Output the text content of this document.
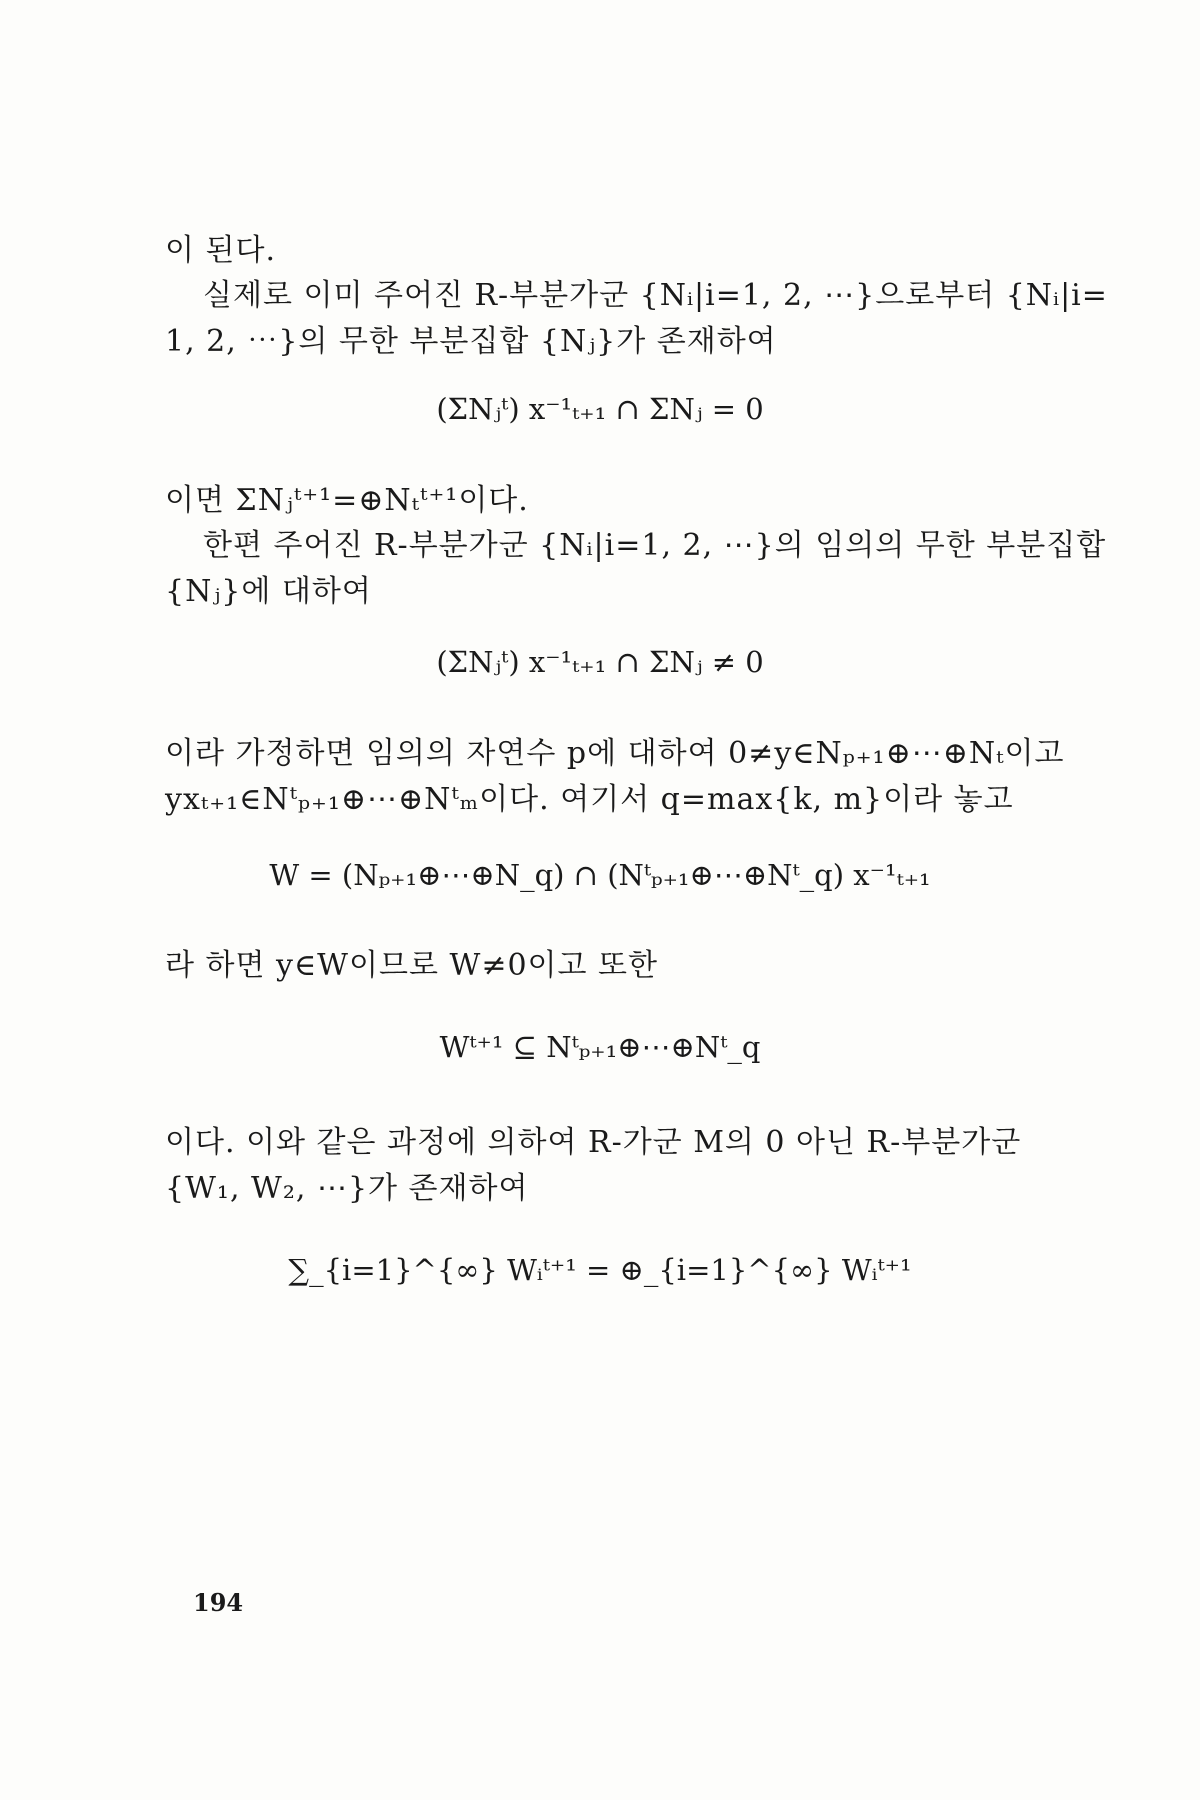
이 된다.
실제로 이미 주어진 R-부분가군 {Nᵢ|i=1, 2, ⋯}으로부터 {Nᵢ|i=
1, 2, ⋯}의 무한 부분집합 {Nⱼ}가 존재하여
(ΣNⱼᵗ) x⁻¹ₜ₊₁ ∩ ΣNⱼ = 0
이면 ΣNⱼᵗ⁺¹=⊕Nₜᵗ⁺¹이다.
한편 주어진 R-부분가군 {Nᵢ|i=1, 2, ⋯}의 임의의 무한 부분집합
{Nⱼ}에 대하여
(ΣNⱼᵗ) x⁻¹ₜ₊₁ ∩ ΣNⱼ ≠ 0
이라 가정하면 임의의 자연수 p에 대하여 0≠y∈Nₚ₊₁⊕⋯⊕Nₜ이고
yxₜ₊₁∈Nᵗₚ₊₁⊕⋯⊕Nᵗₘ이다. 여기서 q=max{k, m}이라 놓고
W = (Nₚ₊₁⊕⋯⊕N_q) ∩ (Nᵗₚ₊₁⊕⋯⊕Nᵗ_q) x⁻¹ₜ₊₁
라 하면 y∈W이므로 W≠0이고 또한
Wᵗ⁺¹ ⊆ Nᵗₚ₊₁⊕⋯⊕Nᵗ_q
이다. 이와 같은 과정에 의하여 R-가군 M의 0 아닌 R-부분가군
{W₁, W₂, ⋯}가 존재하여
∑_{i=1}^{∞} Wᵢᵗ⁺¹ = ⊕_{i=1}^{∞} Wᵢᵗ⁺¹
194
